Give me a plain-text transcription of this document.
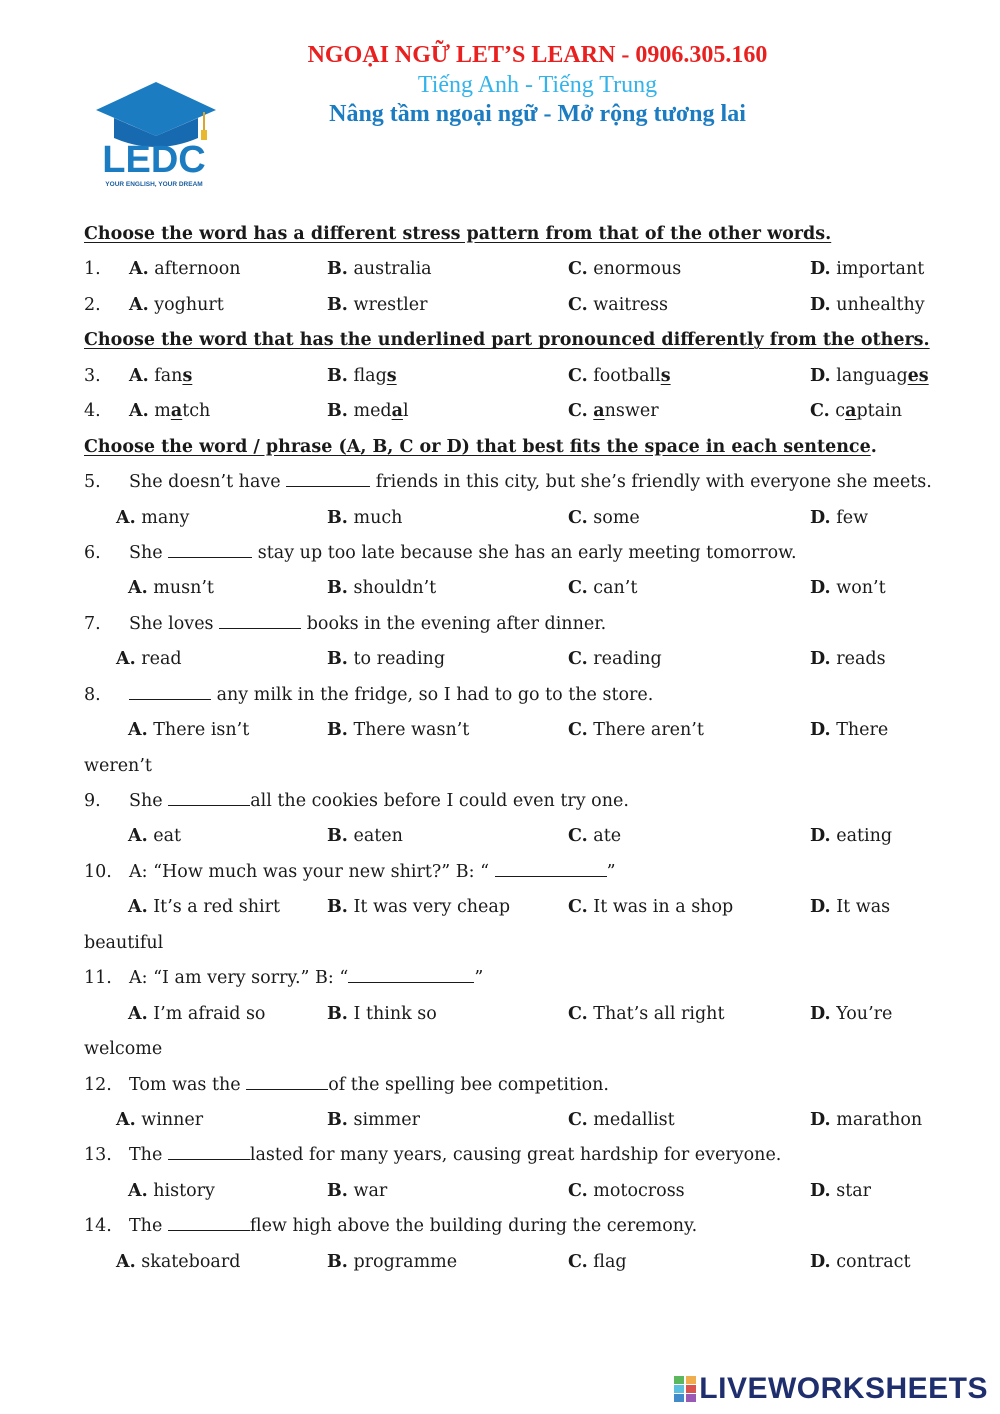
LEDC
YOUR ENGLISH, YOUR DREAM
NGOẠI NGỮ LET’S LEARN - 0906.305.160
Tiếng Anh - Tiếng Trung
Nâng tầm ngoại ngữ - Mở rộng tương lai
Choose the word has a different stress pattern from that of the other words.
1. A. afternoon	B. australia	C. enormous	D. important
2. A. yoghurt	B. wrestler	C. waitress	D. unhealthy
Choose the word that has the underlined part pronounced differently from the others.
3. A. fans	B. flags	C. footballs	D. languages
4. A. match	B. medal	C. answer	C. captain
Choose the word / phrase (A, B, C or D) that best fits the space in each sentence.
5. She doesn’t have	friends in this city, but she’s friendly with everyone she meets.
A. many	B. much	C. some	D. few
6. She	stay up too late because she has an early meeting tomorrow.
A. musn’t	B. shouldn’t	C. can’t	D. won’t
7. She loves	books in the evening after dinner.
A. read	B. to reading	C. reading	D. reads
8.	any milk in the fridge, so I had to go to the store.
A. There isn’t	B. There wasn’t	C. There aren’t	D. There
weren’t
9. She	all the cookies before I could even try one.
A. eat	B. eaten	C. ate	D. eating
10. A: “How much was your new shirt?” B: “	”
A. It’s a red shirt	B. It was very cheap	C. It was in a shop	D. It was
beautiful
11. A: “I am very sorry.” B: “	”
A. I’m afraid so	B. I think so	C. That’s all right	D. You’re
welcome
12. Tom was the	of the spelling bee competition.
A. winner	B. simmer	C. medallist	D. marathon
13. The	lasted for many years, causing great hardship for everyone.
A. history	B. war	C. motocross	D. star
14. The	flew high above the building during the ceremony.
A. skateboard	B. programme	C. flag	D. contract
LIVEWORKSHEETS
